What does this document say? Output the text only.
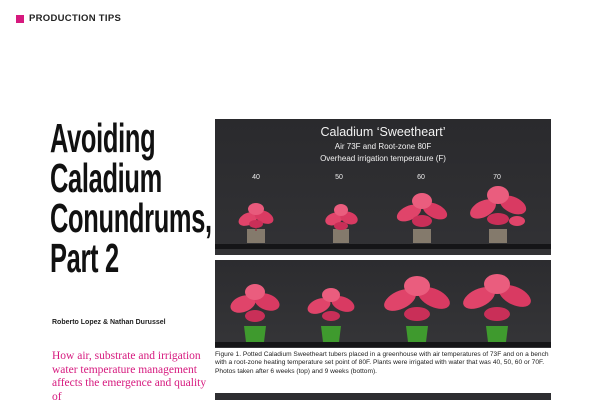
PRODUCTION TIPS
Avoiding
Caladium
Conundrums,
Part 2
Roberto Lopez & Nathan Durussel
How air, substrate and irrigation water temperature management affects the emergence and quality of
Caladium ‘Sweetheart’
Air 73F and Root-zone 80F
Overhead irrigation temperature (F)
40	50	60	70
Figure 1. Potted Caladium Sweetheart tubers placed in a greenhouse with air temperatures of 73F and on a bench with a root-zone heating temperature set point of 80F. Plants were irrigated with water that was 40, 50, 60 or 70F. Photos taken after 6 weeks (top) and 9 weeks (bottom).
